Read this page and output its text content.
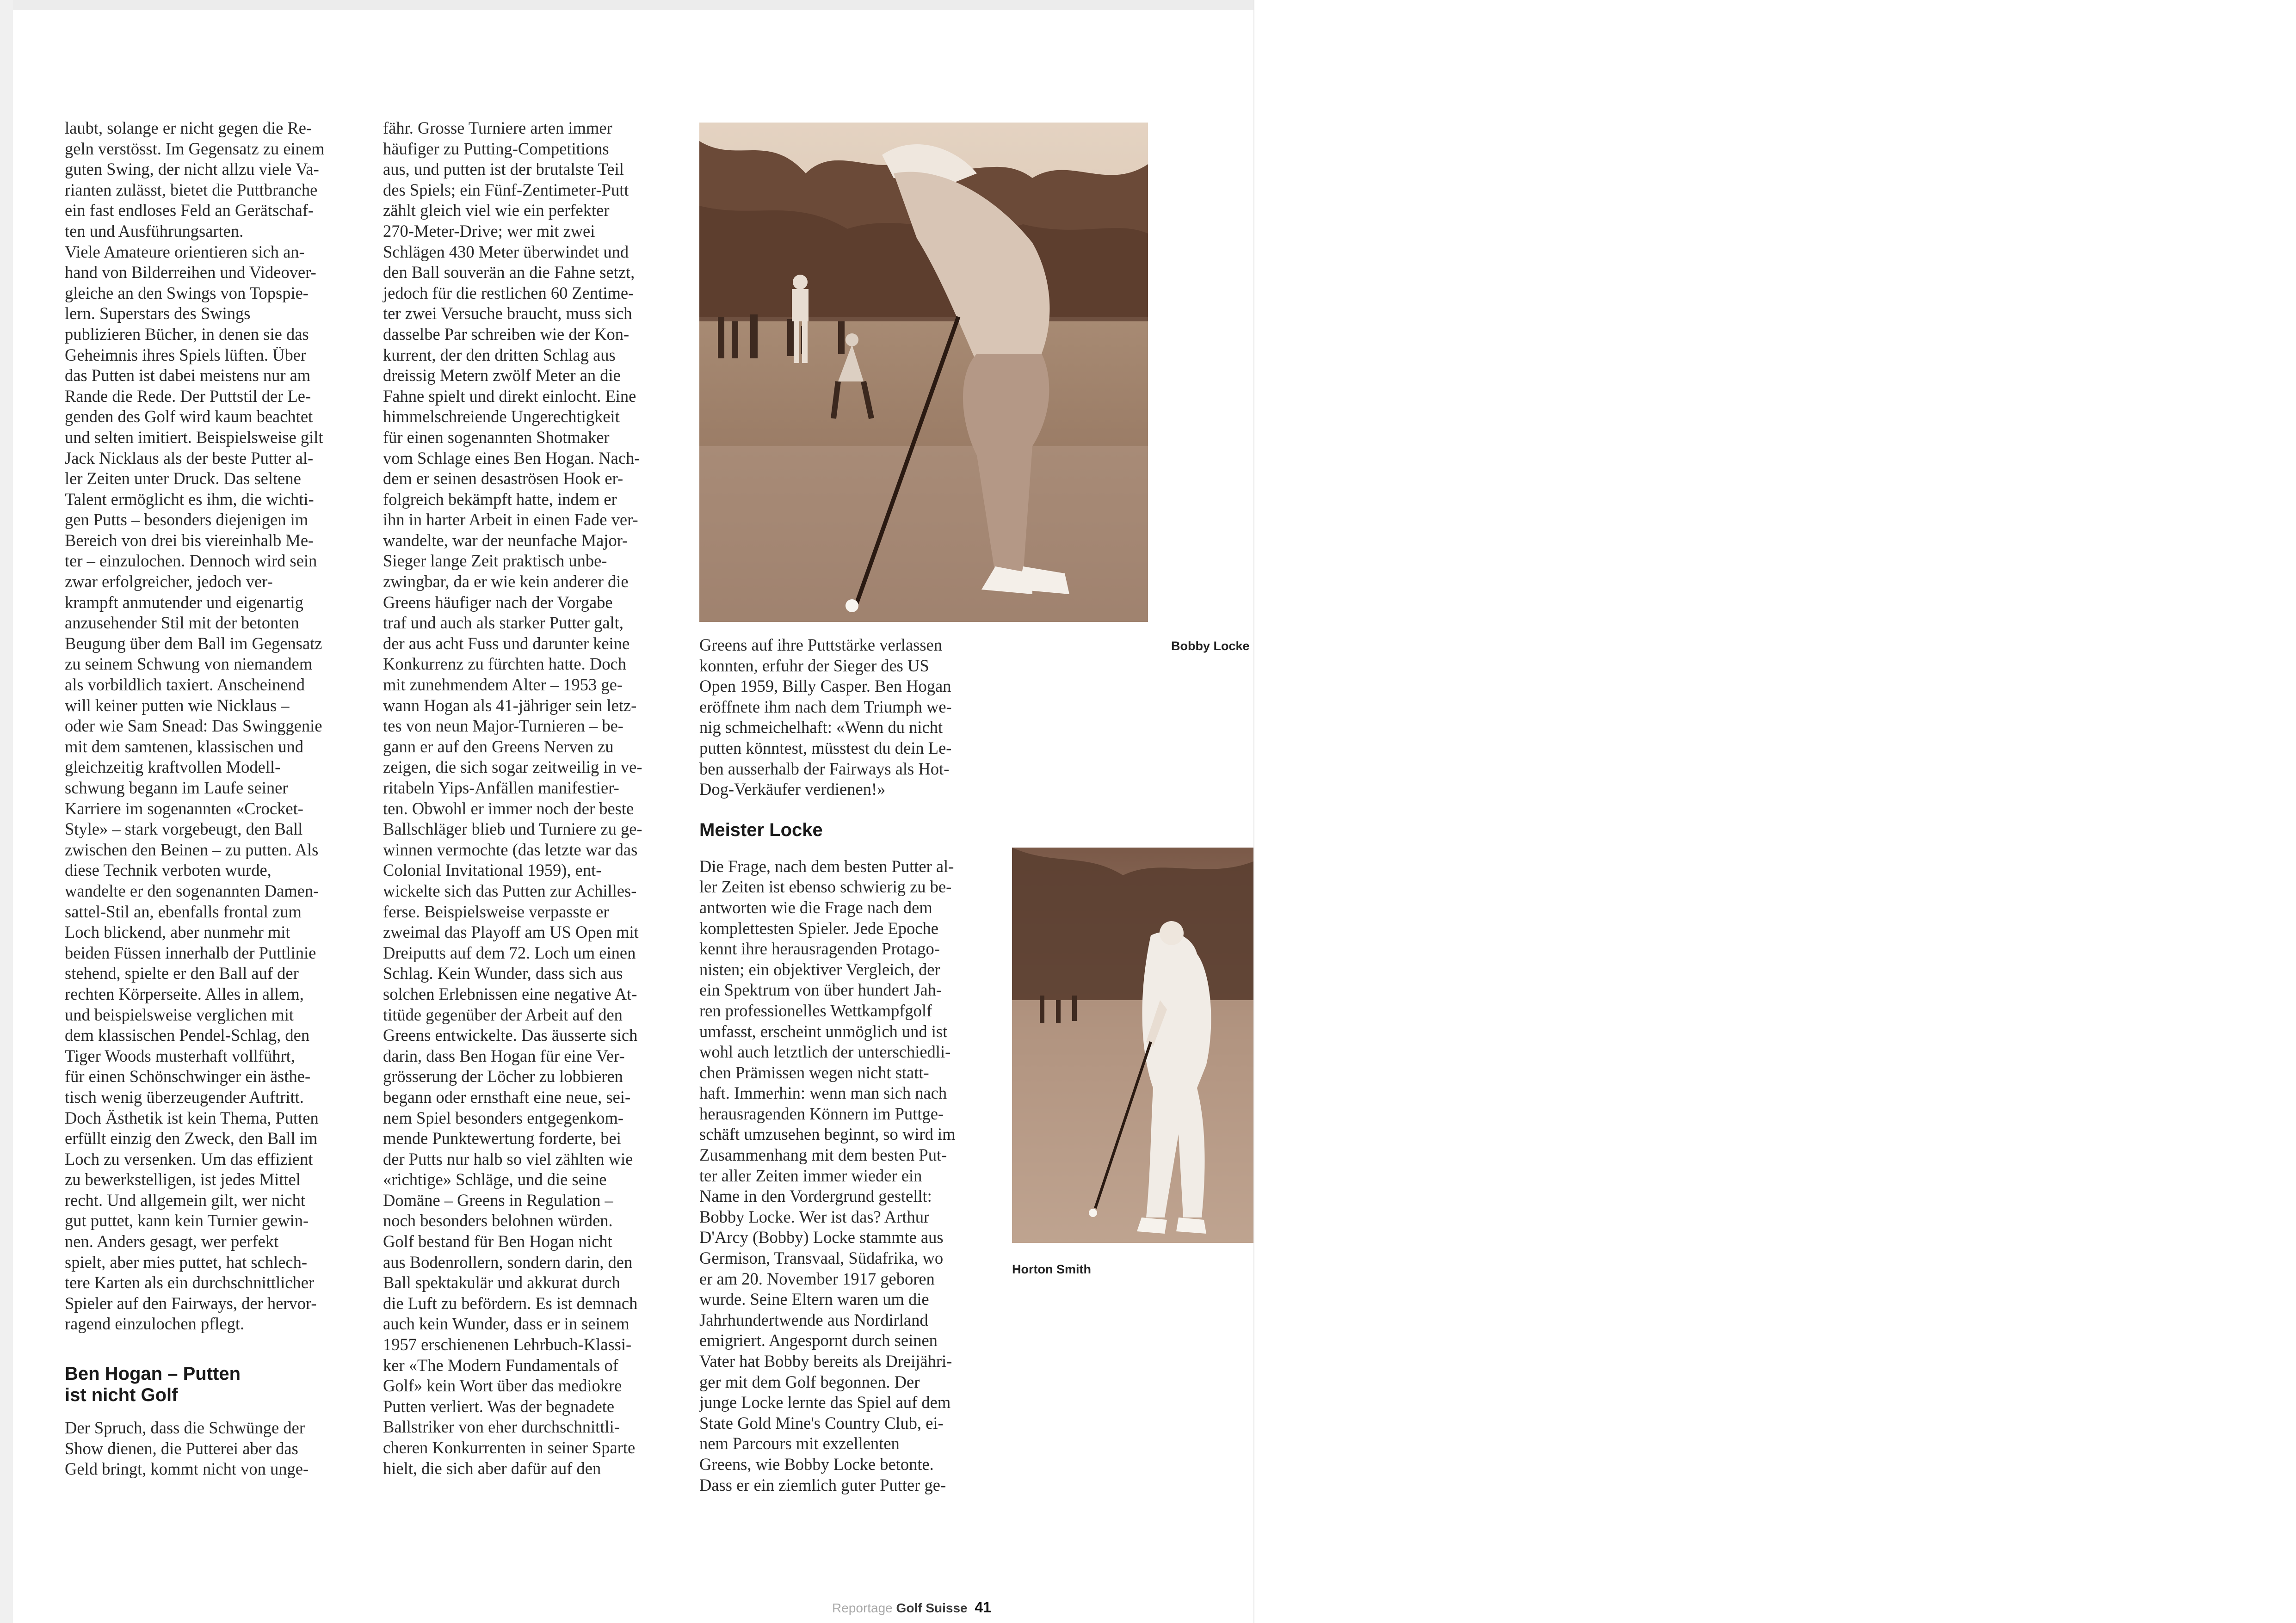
laubt, solange er nicht gegen die Re-
geln verstösst. Im Gegensatz zu einem
guten Swing, der nicht allzu viele Va-
rianten zulässt, bietet die Puttbranche
ein fast endloses Feld an Gerätschaf-
ten und Ausführungsarten.

Viele Amateure orientieren sich an-
hand von Bilderreihen und Videover-
gleiche an den Swings von Topspie-
lern. Superstars des Swings
publizieren Bücher, in denen sie das
Geheimnis ihres Spiels lüften. Über
das Putten ist dabei meistens nur am
Rande die Rede. Der Puttstil der Le-
genden des Golf wird kaum beachtet
und selten imitiert. Beispielsweise gilt
Jack Nicklaus als der beste Putter al-
ler Zeiten unter Druck. Das seltene
Talent ermöglicht es ihm, die wichti-
gen Putts – besonders diejenigen im
Bereich von drei bis viereinhalb Me-
ter – einzulochen. Dennoch wird sein
zwar erfolgreicher, jedoch ver-
krampft anmutender und eigenartig
anzusehender Stil mit der betonten
Beugung über dem Ball im Gegensatz
zu seinem Schwung von niemandem
als vorbildlich taxiert. Anscheinend
will keiner putten wie Nicklaus –
oder wie Sam Snead: Das Swinggenie
mit dem samtenen, klassischen und
gleichzeitig kraftvollen Modell-
schwung begann im Laufe seiner
Karriere im sogenannten «Crocket-
Style» – stark vorgebeugt, den Ball
zwischen den Beinen – zu putten. Als
diese Technik verboten wurde,
wandelte er den sogenannten Damen-
sattel-Stil an, ebenfalls frontal zum
Loch blickend, aber nunmehr mit
beiden Füssen innerhalb der Puttlinie
stehend, spielte er den Ball auf der
rechten Körperseite. Alles in allem,
und beispielsweise verglichen mit
dem klassischen Pendel-Schlag, den
Tiger Woods musterhaft vollführt,
für einen Schönschwinger ein ästhe-
tisch wenig überzeugender Auftritt.
Doch Ästhetik ist kein Thema, Putten
erfüllt einzig den Zweck, den Ball im
Loch zu versenken. Um das effizient
zu bewerkstelligen, ist jedes Mittel
recht. Und allgemein gilt, wer nicht
gut puttet, kann kein Turnier gewin-
nen. Anders gesagt, wer perfekt
spielt, aber mies puttet, hat schlech-
tere Karten als ein durchschnittlicher
Spieler auf den Fairways, der hervor-
ragend einzulochen pflegt.

Ben Hogan – Putten
ist nicht Golf

Der Spruch, dass die Schwünge der
Show dienen, die Putterei aber das
Geld bringt, kommt nicht von unge-

fähr. Grosse Turniere arten immer
häufiger zu Putting-Competitions
aus, und putten ist der brutalste Teil
des Spiels; ein Fünf-Zentimeter-Putt
zählt gleich viel wie ein perfekter
270-Meter-Drive; wer mit zwei
Schlägen 430 Meter überwindet und
den Ball souverän an die Fahne setzt,
jedoch für die restlichen 60 Zentime-
ter zwei Versuche braucht, muss sich
dasselbe Par schreiben wie der Kon-
kurrent, der den dritten Schlag aus
dreissig Metern zwölf Meter an die
Fahne spielt und direkt einlocht. Eine
himmelschreiende Ungerechtigkeit
für einen sogenannten Shotmaker
vom Schlage eines Ben Hogan. Nach-
dem er seinen desaströsen Hook er-
folgreich bekämpft hatte, indem er
ihn in harter Arbeit in einen Fade ver-
wandelte, war der neunfache Major-
Sieger lange Zeit praktisch unbe-
zwingbar, da er wie kein anderer die
Greens häufiger nach der Vorgabe
traf und auch als starker Putter galt,
der aus acht Fuss und darunter keine
Konkurrenz zu fürchten hatte. Doch
mit zunehmendem Alter – 1953 ge-
wann Hogan als 41-jähriger sein letz-
tes von neun Major-Turnieren – be-
gann er auf den Greens Nerven zu
zeigen, die sich sogar zeitweilig in ve-
ritabeln Yips-Anfällen manifestier-
ten. Obwohl er immer noch der beste
Ballschläger blieb und Turniere zu ge-
winnen vermochte (das letzte war das
Colonial Invitational 1959), ent-
wickelte sich das Putten zur Achilles-
ferse. Beispielsweise verpasste er
zweimal das Playoff am US Open mit
Dreiputts auf dem 72. Loch um einen
Schlag. Kein Wunder, dass sich aus
solchen Erlebnissen eine negative At-
titüde gegenüber der Arbeit auf den
Greens entwickelte. Das äusserte sich
darin, dass Ben Hogan für eine Ver-
grösserung der Löcher zu lobbieren
begann oder ernsthaft eine neue, sei-
nem Spiel besonders entgegenkom-
mende Punktewertung forderte, bei
der Putts nur halb so viel zählten wie
«richtige» Schläge, und die seine
Domäne – Greens in Regulation –
noch besonders belohnen würden.
Golf bestand für Ben Hogan nicht
aus Bodenrollern, sondern darin, den
Ball spektakulär und akkurat durch
die Luft zu befördern. Es ist demnach
auch kein Wunder, dass er in seinem
1957 erschienenen Lehrbuch-Klassi-
ker «The Modern Fundamentals of
Golf» kein Wort über das mediokre
Putten verliert. Was der begnadete
Ballstriker von eher durchschnittli-
cheren Konkurrenten in seiner Sparte
hielt, die sich aber dafür auf den

Bobby Locke

Greens auf ihre Puttstärke verlassen
konnten, erfuhr der Sieger des US
Open 1959, Billy Casper. Ben Hogan
eröffnete ihm nach dem Triumph we-
nig schmeichelhaft: «Wenn du nicht
putten könntest, müsstest du dein Le-
ben ausserhalb der Fairways als Hot-
Dog-Verkäufer verdienen!»

Meister Locke

Die Frage, nach dem besten Putter al-
ler Zeiten ist ebenso schwierig zu be-
antworten wie die Frage nach dem
komplettesten Spieler. Jede Epoche
kennt ihre herausragenden Protago-
nisten; ein objektiver Vergleich, der
ein Spektrum von über hundert Jah-
ren professionelles Wettkampfgolf
umfasst, erscheint unmöglich und ist
wohl auch letztlich der unterschiedli-
chen Prämissen wegen nicht statt-
haft. Immerhin: wenn man sich nach
herausragenden Könnern im Puttge-
schäft umzusehen beginnt, so wird im
Zusammenhang mit dem besten Put-
ter aller Zeiten immer wieder ein
Name in den Vordergrund gestellt:
Bobby Locke. Wer ist das? Arthur
D'Arcy (Bobby) Locke stammte aus
Germison, Transvaal, Südafrika, wo
er am 20. November 1917 geboren
wurde. Seine Eltern waren um die
Jahrhundertwende aus Nordirland
emigriert. Angespornt durch seinen
Vater hat Bobby bereits als Dreijähri-
ger mit dem Golf begonnen. Der
junge Locke lernte das Spiel auf dem
State Gold Mine's Country Club, ei-
nem Parcours mit exzellenten
Greens, wie Bobby Locke betonte.
Dass er ein ziemlich guter Putter ge-

Horton Smith
Reportage Golf Suisse 41
